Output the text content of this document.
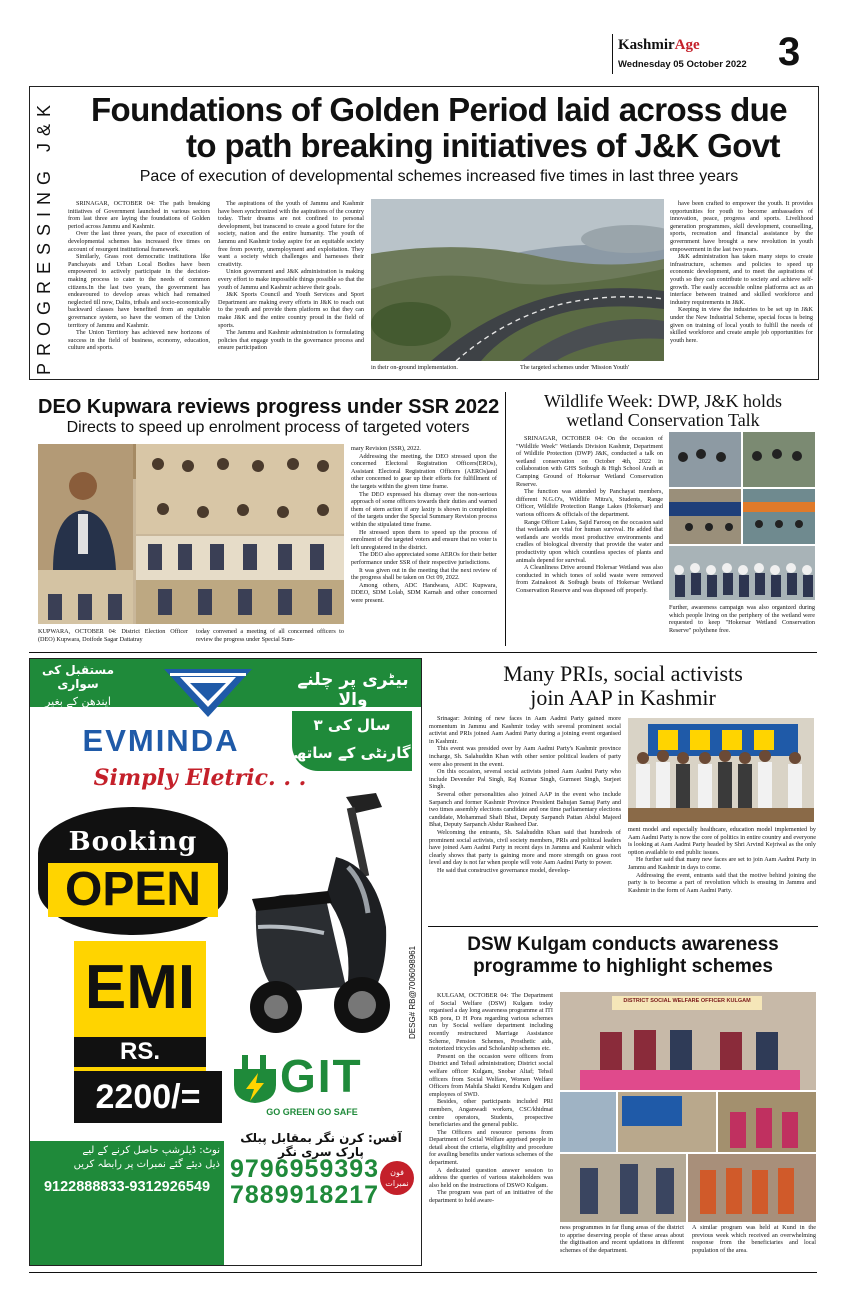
KashmirAge
Wednesday 05 October 2022 3
PROGRESSING J&K	Foundations of Golden Period laid across due
to path breaking initiatives of J&K Govt
Pace of execution of developmental schemes increased five times in last three years

SRINAGAR, OCTOBER 04: The path breaking initiatives of Government launched in various sectors from last three are laying the foundations of Golden period across Jammu and Kashmir.

Over the last three years, the pace of execution of developmental schemes has increased five times on account of resurgent institutional framework.

Similarly, Grass root democratic institutions like Panchayats and Urban Local Bodies have been empowered to actively participate in the decision-making process to cater to the needs of common citizens.In the last two years, the government has endeavoured to develop areas which had remained neglected till now, Dalits, tribals and socio-economically backward classes have benefited from an equitable governance system, so have the women of the Union territory of Jammu and Kashmir.

The Union Territory has achieved new horizons of success in the field of business, economy, education, culture and sports.

The aspirations of the youth of Jammu and Kashmir have been synchronized with the aspirations of the country today. Their dreams are not confined to personal development, but transcend to create a good future for the society, nation and the entire humanity. The youth of Jammu and Kashmir today aspire for an equitable society free from poverty, unemployment and exploitation. They want a society which challenges and harnesses their creativity.

Union government and J&K administration is making every effort to make impossible things possible so that the youth of Jammu and Kashmir achieve their goals.

J&K Sports Council and Youth Services and Sport Department are making every efforts in J&K to reach out to the youth and provide them platform so that they can make J&K and the entire country proud in the field of sports.

The Jammu and Kashmir administration is formulating policies that engage youth in the governance process and ensure participation

in their on-ground implementation.	The targeted schemes under 'Mission Youth'

have been crafted to empower the youth. It provides opportunities for youth to become ambassadors of innovation, peace, progress and sports. Livelihood generation programmes, skill development, counselling, sports, recreation and financial assistance by the government have brought a new revolution in youth empowerment in the last two years.

J&K administration has taken many steps to create infrastructure, schemes and policies to speed up economic development, and to meet the aspirations of youth so they can contribute to society and achieve self-growth. The easily accessible online platforms act as an interface between trained and skilled workforce and industry requirements in J&K.

Keeping in view the industries to be set up in J&K under the New Industrial Scheme, special focus is being given on training of local youth to fulfill the needs of skilled workforce and create ample job opportunities for youth here.

DEO Kupwara reviews progress under SSR 2022
Directs to speed up enrolment process of targeted voters
KUPWARA, OCTOBER 04: District Election Officer (DEO) Kupwara, Doifode Sagar Dattatray
today convened a meeting of all concerned officers to review the progress under Special Sum-

mary Revision (SSR), 2022.

Addressing the meeting, the DEO stressed upon the concerned Electoral Registration Officers(EROs), Assistant Electoral Registration Officers (AEROs)and other concerned to gear up their efforts for fulfillment of the targets within the given time frame.

The DEO expressed his dismay over the non-serious approach of some officers towards their duties and warned them of stern action if any laxity is shown in completion of the targets under the Special Summary Revision process within the stipulated time frame.

He stressed upon them to speed up the process of enrolment of the targeted voters and ensure that no voter is left unregistered in the district.

The DEO also appreciated some AEROs for their better performance under SSR of their respective jurisdictions.

It was given out in the meeting that the next review of the progress shall be taken on Oct 09, 2022.

Among others, ADC Handwara, ADC Kupwara, DDEO, SDM Lolab, SDM Karnah and other concerned were present.

Wildlife Week: DWP, J&K holds
wetland Conservation Talk

SRINAGAR, OCTOBER 04: On the occasion of "Wildlife Week" Wetlands Division Kashmir, Department of Wildlife Protection (DWP) J&K, conducted a talk on wetland conservation on October 4th, 2022 in collaboration with GHS Soibugh & High School Arath at Camping Ground of Hokersar Wetland Conservation Reserve.

The function was attended by Panchayat members, different N.G.O's, Wildlife Mitra's, Students, Range Officer, Wildlife Protection Range Lakes (Hokersar) and various officers & officials of the department.

Range Officer Lakes, Sajid Farooq on the occasion said that wetlands are vital for human survival. He added that wetlands are worlds most productive environments and cradles of biological diversity that provide the water and productivity upon which countless species of plants and animals depend for survival.

A Cleanliness Drive around Holersar Wetland was also conducted in which tones of solid waste were removed from Zainakoot & Soibugh beats of Hokersar Wetland Conservation Reserve and was disposed off properly.

Further, awareness campaign was also organized during which people living on the periphery of the wetland were requested to keep "Hokersar Wetland Conservation Reserve" polythene free.
مستقبل کی سواری
ایندھن کے بغیر
بیٹری پر چلنے والا
۳ سال کی گارنٹی کے ساتھ
EVMINDA
Simply Eletric. . .
Booking
OPEN
EMI
RS.
2200/=
DESG# RB@7006098961
GIT
GO GREEN GO SAFE
آفس: کرن نگر بمقابل پبلک پارک سری نگر
9796959393
7889918217
فون نمبرات
نوٹ: ڈیلرشپ حاصل کرنے کے لیے
ذیل دیئے گئے نمبرات پر رابطہ کریں
9122888833-9312926549
Many PRIs, social activists
join AAP in Kashmir

Srinagar: Joining of new faces in Aam Aadmi Party gained more momentum in Jammu and Kashmir today with several prominent social activist and PRIs joined Aam Aadmi Party during a joining event organised in Kashmir.

This event was presided over by Aam Aadmi Party's Kashmir province incharge, Sh. Salahuddin Khan with other senior political leaders of party were also present in the event.

On this occasion, several social activists joined Aam Aadmi Party who include Devender Pal Singh, Raj Kumar Singh, Gurmeet Singh, Surjeet Singh.

Several other personalities also joined AAP in the event who include Sarpanch and former Kashmir Province President Bahujan Samaj Party and two times assembly elections candidate and one time parliamentary elections candidate, Mohammad Shafi Bhat, Deputy Sarpanch Pattan Abdul Majeed Bhat, Deputy Sarpanch Abdur Rasheed Dar.

Welcoming the entrants, Sh. Salahuddin Khan said that hundreds of prominent social activists, civil society members, PRIs and political leaders have joined Aam Aadmi Party in recent days in Jammu and Kashmir which clearly shows that party is gaining more and more strength on grass root level and day is not far when people will vote Aam Aadmi Party to power.

He said that constructive governance model, develop-

ment model and especially healthcare, education model implemented by Aam Aadmi Party is now the core of politics in entire country and everyone is looking at Aam Aadmi Party headed by Shri Arvind Kejriwal as the only option available to end public issues.

He further said that many new faces are set to join Aam Aadmi Party in Jammu and Kashmir in days to come.

Addressing the event, entrants said that the motive behind joining the party is to become a part of revolution which is ensuing in Jammu and Kashmir in the form of Aam Aadmi Party.

DSW Kulgam conducts awareness
programme to highlight schemes

KULGAM, OCTOBER 04: The Department of Social Welfare (DSW) Kulgam today organised a day long awareness programme at ITI KB pora, D H Pora regarding various schemes run by Social welfare department including recently restructured Marriage Assistance Scheme, Pension Schemes, Prosthetic aids, motorized tricycles and Scholarship schemes etc.

Present on the occasion were officers from District and Tehsil administration; District social welfare officer Kulgam, Snobar Altaf; Tehsil officers from Social Welfare, Women Welfare Officers from Mahila Shakti Kendra Kulgam and employees of SWD.

Besides, other participants included PRI members, Anganwadi workers, CSC/khidmat centre operators, Students, prospective beneficiaries and the general public.

The Officers and resource persons from Department of Social Welfare apprised people in detail about the criteria, eligibility and procedure for availing benefits under various schemes of the department.

A dedicated question answer session to address the queries of various stakeholders was also held on the instructions of DSWO Kulgam.

The program was part of an initiative of the department to hold aware-

DISTRICT SOCIAL WELFARE OFFICER KULGAM
ness programmes in far flung areas of the district to apprise deserving people of these areas about the digitisation and recent updations in different schemes of the department.
A similar program was held at Kund in the previous week which received an overwhelming response from the beneficiaries and local population of the area.
